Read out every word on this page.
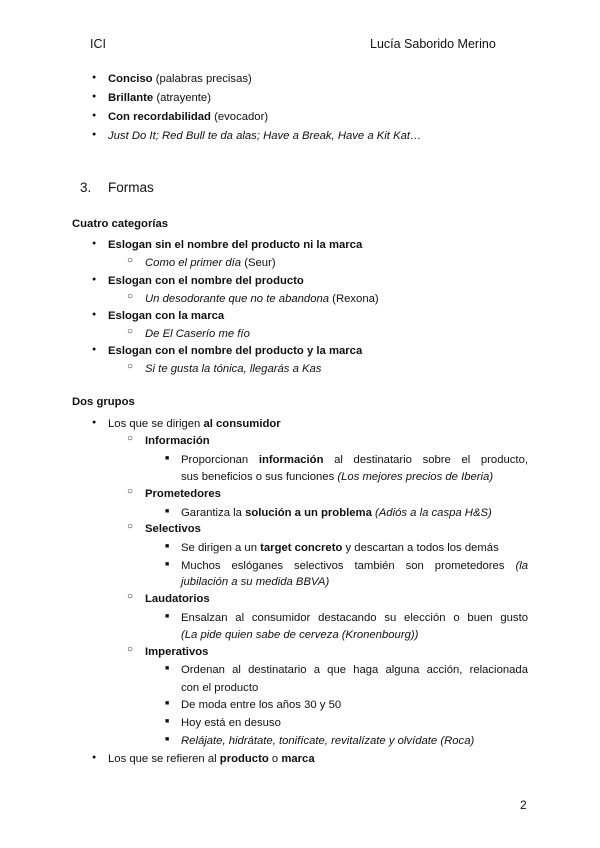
ICI	Lucía Saborido Merino
●
Conciso (palabras precisas)
●
Brillante (atrayente)
●
Con recordabilidad (evocador)
●
Just Do It; Red Bull te da alas; Have a Break, Have a Kit Kat…
3. Formas
Cuatro categorías
●
Eslogan sin el nombre del producto ni la marca
○
Como el primer día (Seur)
●
Eslogan con el nombre del producto
○
Un desodorante que no te abandona (Rexona)
●
Eslogan con la marca
○
De El Caserío me fío
●
Eslogan con el nombre del producto y la marca
○
Si te gusta la tónica, llegarás a Kas
Dos grupos
●
Los que se dirigen al consumidor
○
Información
■
Proporcionan información al destinatario sobre el producto,
sus beneficios o sus funciones (Los mejores precios de Iberia)
○
Prometedores
■
Garantiza la solución a un problema (Adiós a la caspa H&S)
○
Selectivos
■
Se dirigen a un target concreto y descartan a todos los demás
■
Muchos eslóganes selectivos también son prometedores (la
jubilación a su medida BBVA)
○
Laudatorios
■
Ensalzan al consumidor destacando su elección o buen gusto
(La pide quien sabe de cerveza (Kronenbourg))
○
Imperativos
■
Ordenan al destinatario a que haga alguna acción, relacionada
con el producto
■
De moda entre los años 30 y 50
■
Hoy está en desuso
■
Relájate, hidrátate, tonifícate, revitalízate y olvídate (Roca)
●
Los que se refieren al producto o marca
2
